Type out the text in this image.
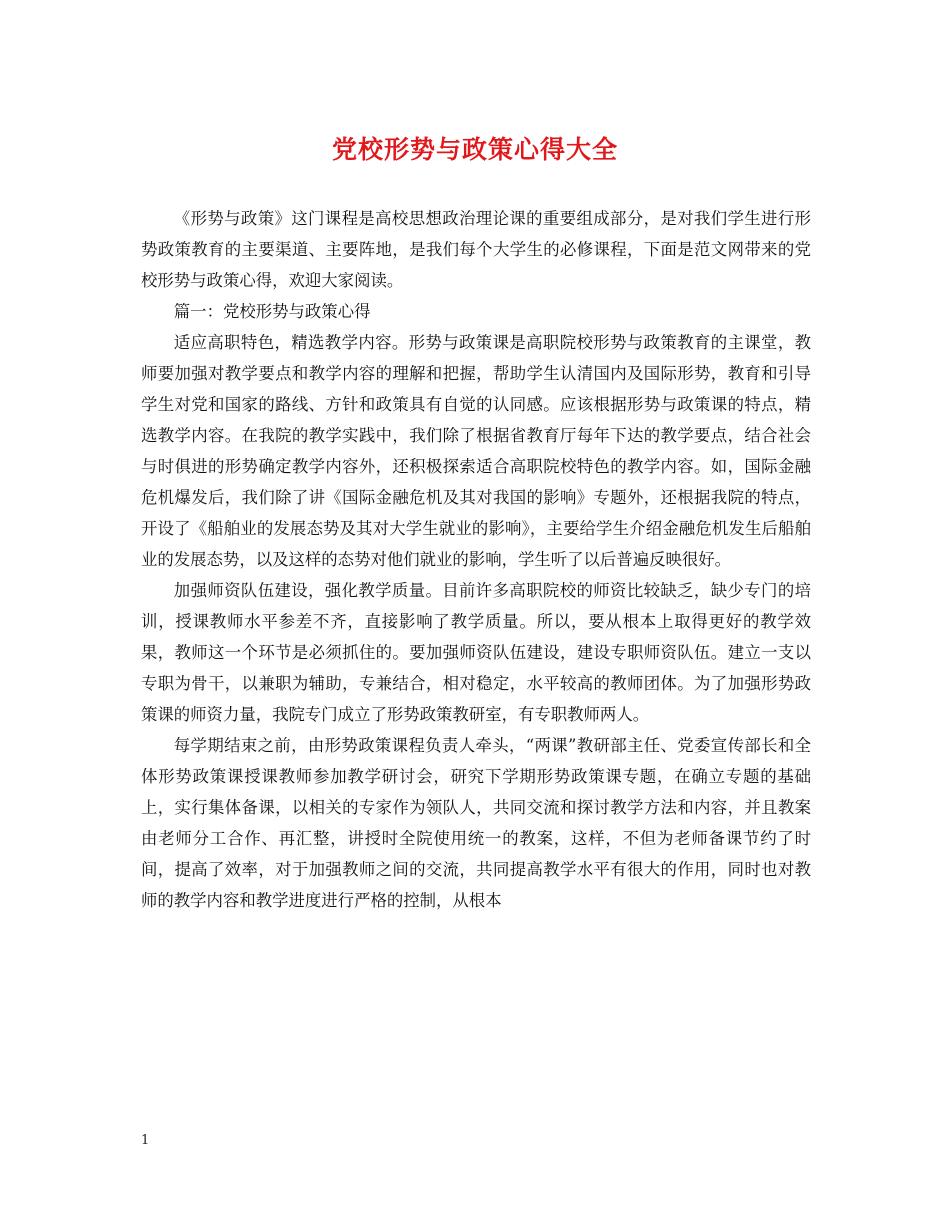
党校形势与政策心得大全

《形势与政策》这门课程是高校思想政治理论课的重要组成部分，是对我们学生进行形势政策教育的主要渠道、主要阵地，是我们每个大学生的必修课程，下面是范文网带来的党校形势与政策心得，欢迎大家阅读。

篇一：党校形势与政策心得

适应高职特色，精选教学内容。形势与政策课是高职院校形势与政策教育的主课堂，教师要加强对教学要点和教学内容的理解和把握，帮助学生认清国内及国际形势，教育和引导学生对党和国家的路线、方针和政策具有自觉的认同感。应该根据形势与政策课的特点，精选教学内容。在我院的教学实践中，我们除了根据省教育厅每年下达的教学要点，结合社会与时俱进的形势确定教学内容外，还积极探索适合高职院校特色的教学内容。如，国际金融危机爆发后，我们除了讲《国际金融危机及其对我国的影响》专题外，还根据我院的特点，开设了《船舶业的发展态势及其对大学生就业的影响》，主要给学生介绍金融危机发生后船舶业的发展态势，以及这样的态势对他们就业的影响，学生听了以后普遍反映很好。

加强师资队伍建设，强化教学质量。目前许多高职院校的师资比较缺乏，缺少专门的培训，授课教师水平参差不齐，直接影响了教学质量。所以，要从根本上取得更好的教学效果，教师这一个环节是必须抓住的。要加强师资队伍建设，建设专职师资队伍。建立一支以专职为骨干，以兼职为辅助，专兼结合，相对稳定，水平较高的教师团体。为了加强形势政策课的师资力量，我院专门成立了形势政策教研室，有专职教师两人。

每学期结束之前，由形势政策课程负责人牵头，“两课”教研部主任、党委宣传部长和全体形势政策课授课教师参加教学研讨会，研究下学期形势政策课专题，在确立专题的基础上，实行集体备课，以相关的专家作为领队人，共同交流和探讨教学方法和内容，并且教案由老师分工合作、再汇整，讲授时全院使用统一的教案，这样，不但为老师备课节约了时间，提高了效率，对于加强教师之间的交流，共同提高教学水平有很大的作用，同时也对教师的教学内容和教学进度进行严格的控制，从根本

1
